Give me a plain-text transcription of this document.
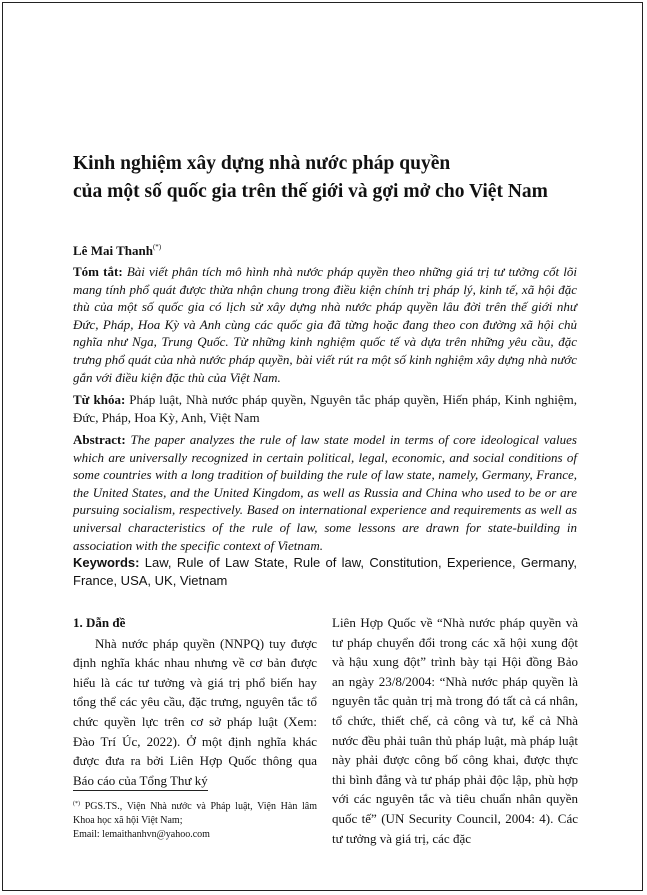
Kinh nghiệm xây dựng nhà nước pháp quyền
của một số quốc gia trên thế giới và gợi mở cho Việt Nam
Lê Mai Thanh(*)
Tóm tắt: Bài viết phân tích mô hình nhà nước pháp quyền theo những giá trị tư tưởng cốt lõi mang tính phổ quát được thừa nhận chung trong điều kiện chính trị pháp lý, kinh tế, xã hội đặc thù của một số quốc gia có lịch sử xây dựng nhà nước pháp quyền lâu đời trên thế giới như Đức, Pháp, Hoa Kỳ và Anh cùng các quốc gia đã từng hoặc đang theo con đường xã hội chủ nghĩa như Nga, Trung Quốc. Từ những kinh nghiệm quốc tế và dựa trên những yêu cầu, đặc trưng phổ quát của nhà nước pháp quyền, bài viết rút ra một số kinh nghiệm xây dựng nhà nước gắn với điều kiện đặc thù của Việt Nam.
Từ khóa: Pháp luật, Nhà nước pháp quyền, Nguyên tắc pháp quyền, Hiến pháp, Kinh nghiệm, Đức, Pháp, Hoa Kỳ, Anh, Việt Nam
Abstract: The paper analyzes the rule of law state model in terms of core ideological values which are universally recognized in certain political, legal, economic, and social conditions of some countries with a long tradition of building the rule of law state, namely, Germany, France, the United States, and the United Kingdom, as well as Russia and China who used to be or are pursuing socialism, respectively. Based on international experience and requirements as well as universal characteristics of the rule of law, some lessons are drawn for state-building in association with the specific context of Vietnam.
Keywords: Law, Rule of Law State, Rule of law, Constitution, Experience, Germany, France, USA, UK, Vietnam
1. Dẫn đề

Nhà nước pháp quyền (NNPQ) tuy được định nghĩa khác nhau nhưng về cơ bản được hiểu là các tư tưởng và giá trị phổ biến hay tổng thể các yêu cầu, đặc trưng, nguyên tắc tổ chức quyền lực trên cơ sở pháp luật (Xem: Đào Trí Úc, 2022). Ở một định nghĩa khác được đưa ra bởi Liên Hợp Quốc thông qua Báo cáo của Tổng Thư ký

Liên Hợp Quốc về “Nhà nước pháp quyền và tư pháp chuyển đổi trong các xã hội xung đột và hậu xung đột” trình bày tại Hội đồng Bảo an ngày 23/8/2004: “Nhà nước pháp quyền là nguyên tắc quản trị mà trong đó tất cả cá nhân, tổ chức, thiết chế, cả công và tư, kể cả Nhà nước đều phải tuân thủ pháp luật, mà pháp luật này phải được công bố công khai, được thực thi bình đẳng và tư pháp phải độc lập, phù hợp với các nguyên tắc và tiêu chuẩn nhân quyền quốc tế” (UN Security Council, 2004: 4). Các tư tưởng và giá trị, các đặc

(*) PGS.TS., Viện Nhà nước và Pháp luật, Viện Hàn lâm Khoa học xã hội Việt Nam;
Email: lemaithanhvn@yahoo.com
